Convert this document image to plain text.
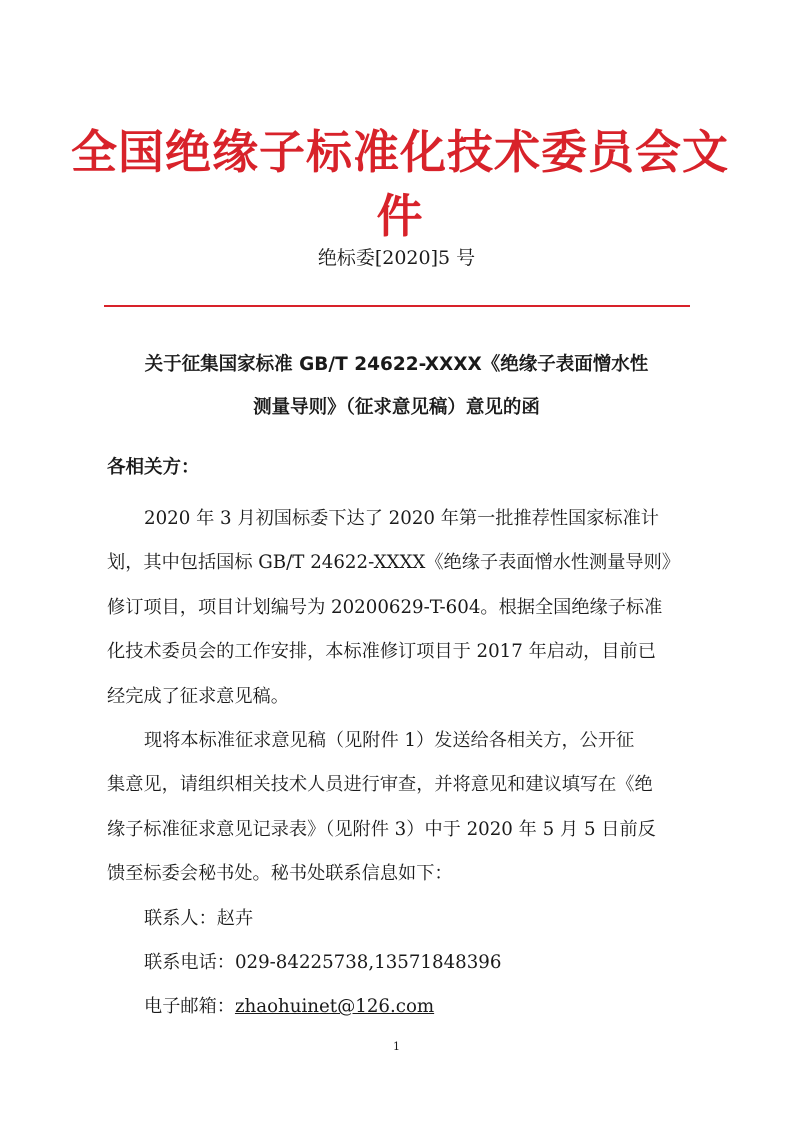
全国绝缘子标准化技术委员会文件
绝标委[2020]5 号
关于征集国家标准 GB/T 24622-XXXX《绝缘子表面憎水性
测量导则》（征求意见稿）意见的函
各相关方：
2020 年 3 月初国标委下达了 2020 年第一批推荐性国家标准计
划，其中包括国标 GB/T 24622-XXXX《绝缘子表面憎水性测量导则》
修订项目，项目计划编号为 20200629-T-604。根据全国绝缘子标准
化技术委员会的工作安排，本标准修订项目于 2017 年启动，目前已
经完成了征求意见稿。
现将本标准征求意见稿（见附件 1）发送给各相关方，公开征
集意见，请组织相关技术人员进行审查，并将意见和建议填写在《绝
缘子标准征求意见记录表》（见附件 3）中于 2020 年 5 月 5 日前反
馈至标委会秘书处。秘书处联系信息如下：
联系人：赵卉
联系电话：029-84225738,13571848396
电子邮箱：zhaohuinet@126.com
1
